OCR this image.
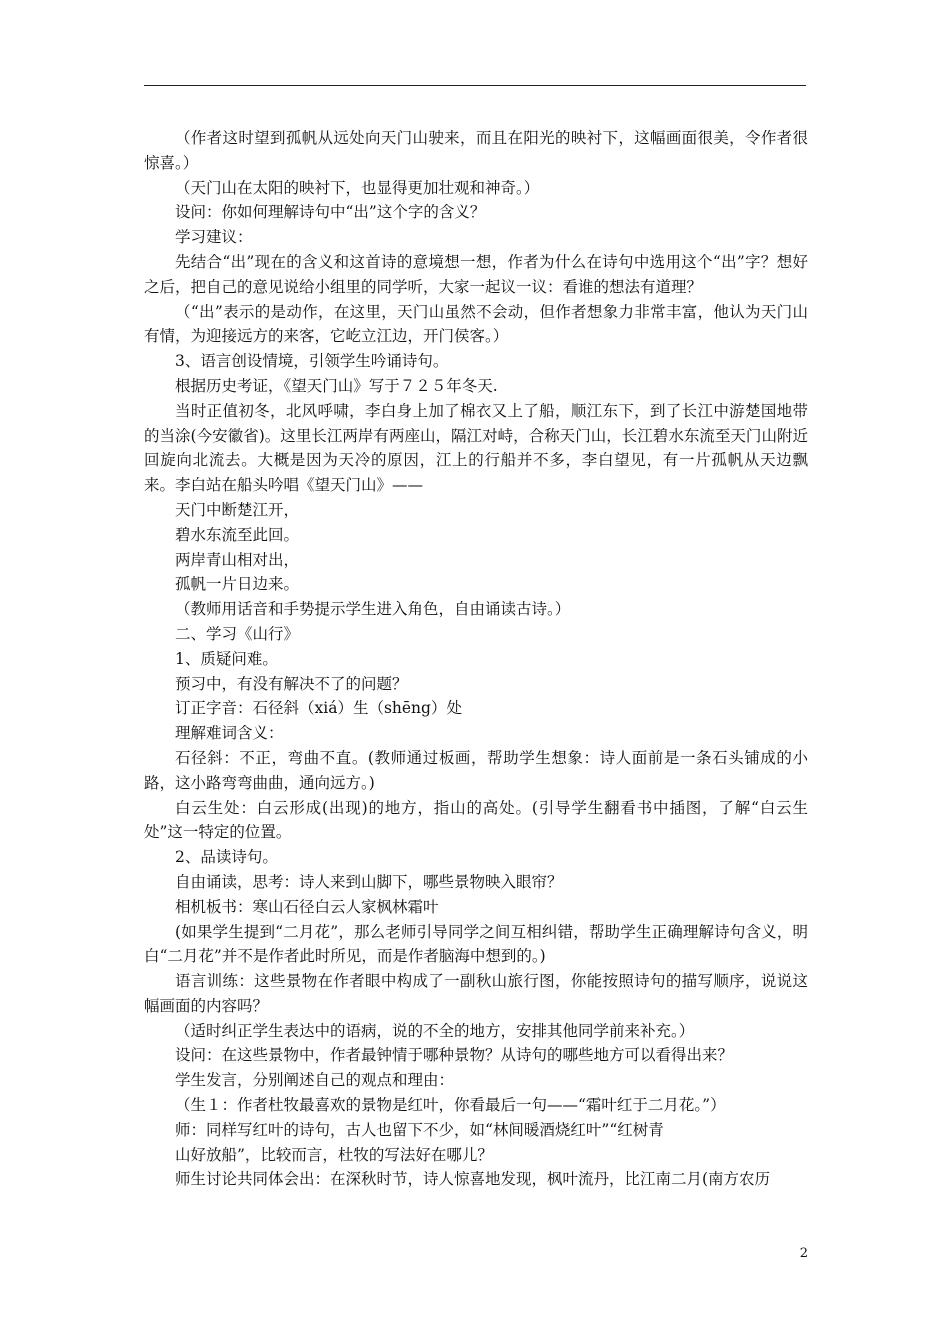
（作者这时望到孤帆从远处向天门山驶来，而且在阳光的映衬下，这幅画面很美，令作者很惊喜。）

（天门山在太阳的映衬下，也显得更加壮观和神奇。）

设问：你如何理解诗句中“出”这个字的含义？

学习建议：

先结合“出”现在的含义和这首诗的意境想一想，作者为什么在诗句中选用这个“出”字？想好之后，把自己的意见说给小组里的同学听，大家一起议一议：看谁的想法有道理？

（“出”表示的是动作，在这里，天门山虽然不会动，但作者想象力非常丰富，他认为天门山有情，为迎接远方的来客，它屹立江边，开门侯客。）

3、语言创设情境，引领学生吟诵诗句。

根据历史考证，《望天门山》写于７２５年冬天.

当时正值初冬，北风呼啸，李白身上加了棉衣又上了船，顺江东下，到了长江中游楚国地带的当涂(今安徽省)。这里长江两岸有两座山，隔江对峙，合称天门山，长江碧水东流至天门山附近回旋向北流去。大概是因为天冷的原因，江上的行船并不多，李白望见，有一片孤帆从天边飘来。李白站在船头吟唱《望天门山》——

天门中断楚江开，

碧水东流至此回。

两岸青山相对出，

孤帆一片日边来。

（教师用话音和手势提示学生进入角色，自由诵读古诗。）

二、学习《山行》

1、质疑问难。

预习中，有没有解决不了的问题？

订正字音：石径斜（xiá）生（shēng）处

理解难词含义：

石径斜：不正，弯曲不直。(教师通过板画，帮助学生想象：诗人面前是一条石头铺成的小路，这小路弯弯曲曲，通向远方。)

白云生处：白云形成(出现)的地方，指山的高处。(引导学生翻看书中插图，了解“白云生处”这一特定的位置。

2、品读诗句。

自由诵读，思考：诗人来到山脚下，哪些景物映入眼帘？

相机板书：寒山石径白云人家枫林霜叶

(如果学生提到“二月花”，那么老师引导同学之间互相纠错，帮助学生正确理解诗句含义，明白“二月花”并不是作者此时所见，而是作者脑海中想到的。)

语言训练：这些景物在作者眼中构成了一副秋山旅行图，你能按照诗句的描写顺序，说说这幅画面的内容吗？

（适时纠正学生表达中的语病，说的不全的地方，安排其他同学前来补充。）

设问：在这些景物中，作者最钟情于哪种景物？从诗句的哪些地方可以看得出来？

学生发言，分别阐述自己的观点和理由：

（生１：作者杜牧最喜欢的景物是红叶，你看最后一句——“霜叶红于二月花。”）

师：同样写红叶的诗句，古人也留下不少，如“林间暖酒烧红叶”“红树青

山好放船”，比较而言，杜牧的写法好在哪儿？

师生讨论共同体会出：在深秋时节，诗人惊喜地发现，枫叶流丹，比江南二月(南方农历

2
